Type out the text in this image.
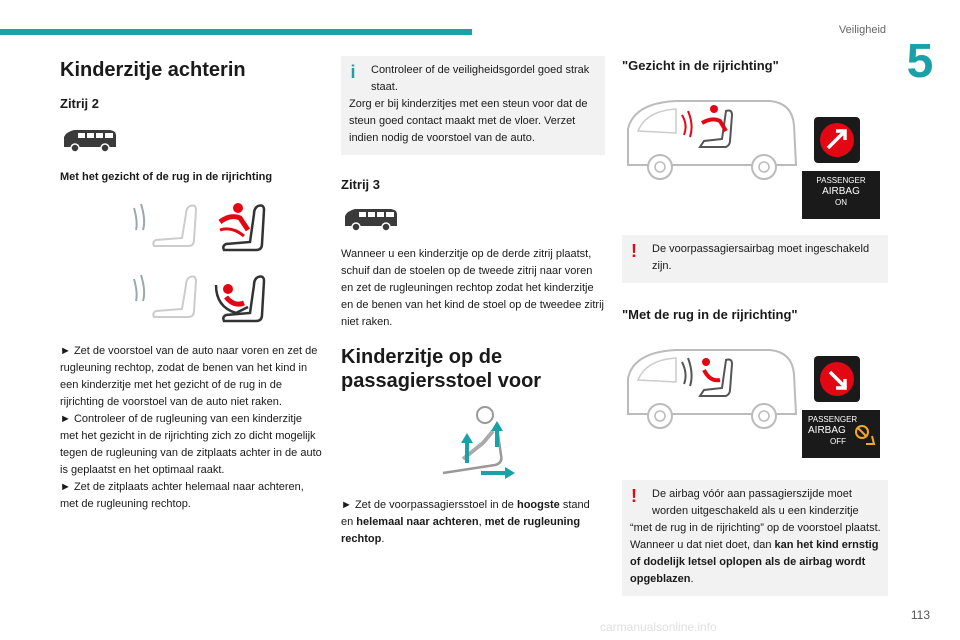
Veiligheid
5
Kinderzitje achterin
Zitrij 2
Met het gezicht of de rug in de rijrichting

► Zet de voorstoel van de auto naar voren en zet de rugleuning rechtop, zodat de benen van het kind in een kinderzitje met het gezicht of de rug in de rijrichting de voorstoel van de auto niet raken.

► Controleer of de rugleuning van een kinderzitje met het gezicht in de rijrichting zich zo dicht mogelijk tegen de rugleuning van de zitplaats achter in de auto is geplaatst en het optimaal raakt.

► Zet de zitplaats achter helemaal naar achteren, met de rugleuning rechtop.

i	Controleer of de veiligheidsgordel goed strak staat.
Zorg er bij kinderzitjes met een steun voor dat de steun goed contact maakt met de vloer. Verzet indien nodig de voorstoel van de auto.
Zitrij 3

Wanneer u een kinderzitje op de derde zitrij plaatst, schuif dan de stoelen op de tweede zitrij naar voren en zet de rugleuningen rechtop zodat het kinderzitje en de benen van het kind de stoel op de tweedee zitrij niet raken.

Kinderzitje op de passagiersstoel voor

► Zet de voorpassagiersstoel in de hoogste stand en helemaal naar achteren, met de rugleuning rechtop.

"Gezicht in de rijrichting"
PASSENGER
AIRBAG
ON
!	De voorpassagiersairbag moet ingeschakeld zijn.
"Met de rug in de rijrichting"
PASSENGER
AIRBAG
OFF
!	De airbag vóór aan passagierszijde moet worden uitgeschakeld als u een kinderzitje
“met de rug in de rijrichting” op de voorstoel plaatst. Wanneer u dat niet doet, dan kan het kind ernstig of dodelijk letsel oplopen als de airbag wordt opgeblazen.
113
carmanualsonline.info
